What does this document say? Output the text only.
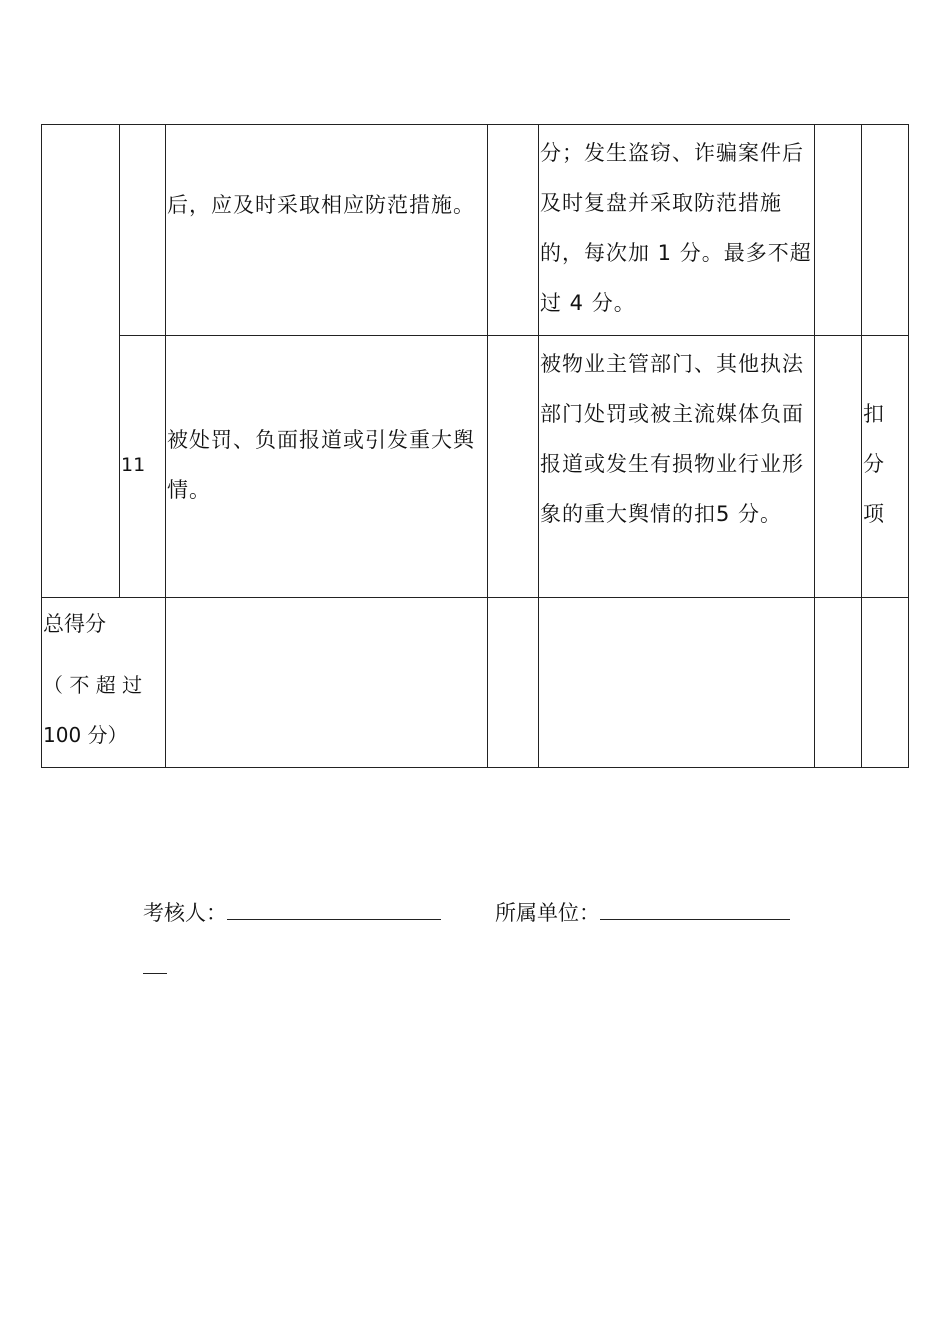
后，应及时采取相应防范措施。
分；发生盗窃、诈骗案件后及时复盘并采取防范措施的，每次加 1 分。最多不超过 4 分。
11
被处罚、负面报道或引发重大舆情。
被物业主管部门、其他执法部门处罚或被主流媒体负面报道或发生有损物业行业形象的重大舆情的扣5 分。
扣
分
项
总得分
（ 不 超 过
100 分）
考核人：	所属单位：
